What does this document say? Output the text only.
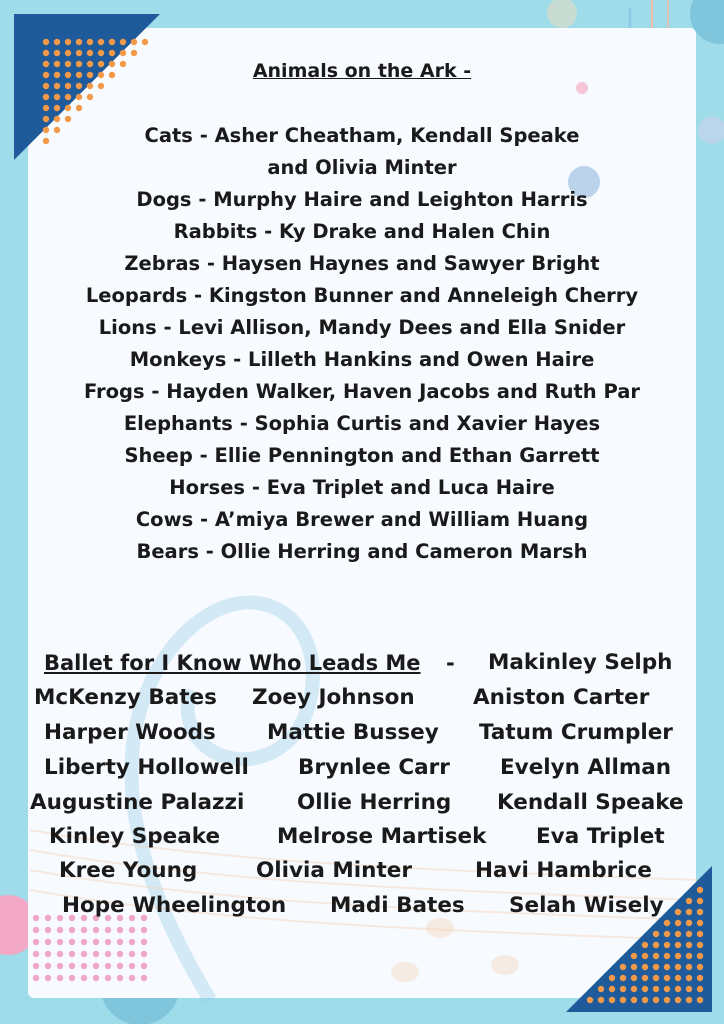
Animals on the Ark -
Cats - Asher Cheatham, Kendall Speake
and Olivia Minter
Dogs - Murphy Haire and Leighton Harris
Rabbits - Ky Drake and Halen Chin
Zebras - Haysen Haynes and Sawyer Bright
Leopards - Kingston Bunner and Anneleigh Cherry
Lions - Levi Allison, Mandy Dees and Ella Snider
Monkeys - Lilleth Hankins and Owen Haire
Frogs - Hayden Walker, Haven Jacobs and Ruth Par
Elephants - Sophia Curtis and Xavier Hayes
Sheep - Ellie Pennington and Ethan Garrett
Horses - Eva Triplet and Luca Haire
Cows - A’miya Brewer and William Huang
Bears - Ollie Herring and Cameron Marsh
Ballet for I Know Who Leads Me - Makinley Selph
McKenzy Bates Zoey Johnson	Aniston Carter
Harper Woods Mattie Bussey Tatum Crumpler
Liberty Hollowell Brynlee Carr Evelyn Allman
Augustine Palazzi Ollie Herring Kendall Speake
Kinley Speake	Melrose Martisek Eva Triplet
Kree Young	Olivia Minter	Havi Hambrice
Hope Wheelington Madi Bates Selah Wisely
